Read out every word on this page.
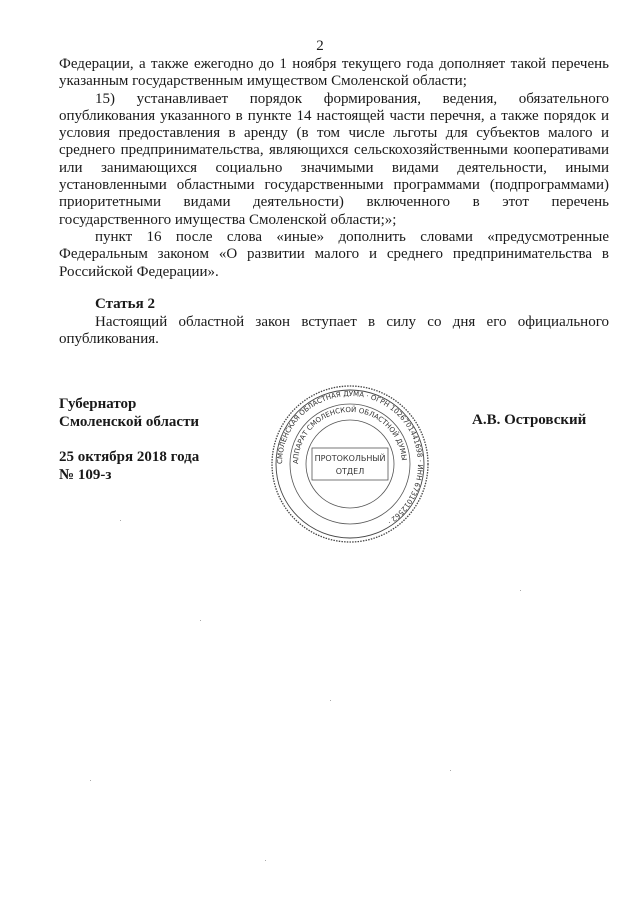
2

Федерации, а также ежегодно до 1 ноября текущего года дополняет такой перечень указанным государственным имуществом Смоленской области;

15) устанавливает порядок формирования, ведения, обязательного опубликования указанного в пункте 14 настоящей части перечня, а также порядок и условия предоставления в аренду (в том числе льготы для субъектов малого и среднего предпринимательства, являющихся сельскохозяйственными кооперативами или занимающихся социально значимыми видами деятельности, иными установленными областными государственными программами (подпрограммами) приоритетными видами деятельности) включенного в этот перечень государственного имущества Смоленской области;»;

пункт 16 после слова «иные» дополнить словами «предусмотренные Федеральным законом «О развитии малого и среднего предпринимательства в Российской Федерации».

Статья 2

Настоящий областной закон вступает в силу со дня его официального опубликования.

Губернатор
Смоленской области
25 октября 2018 года
№ 109-з
А.В. Островский
СМОЛЕНСКАЯ ОБЛАСТНАЯ ДУМА · ОГРН 1026701441698 · ИНН 6731012562 ·
АППАРАТ СМОЛЕНСКОЙ ОБЛАСТНОЙ ДУМЫ
ПРОТОКОЛЬНЫЙ
ОТДЕЛ
